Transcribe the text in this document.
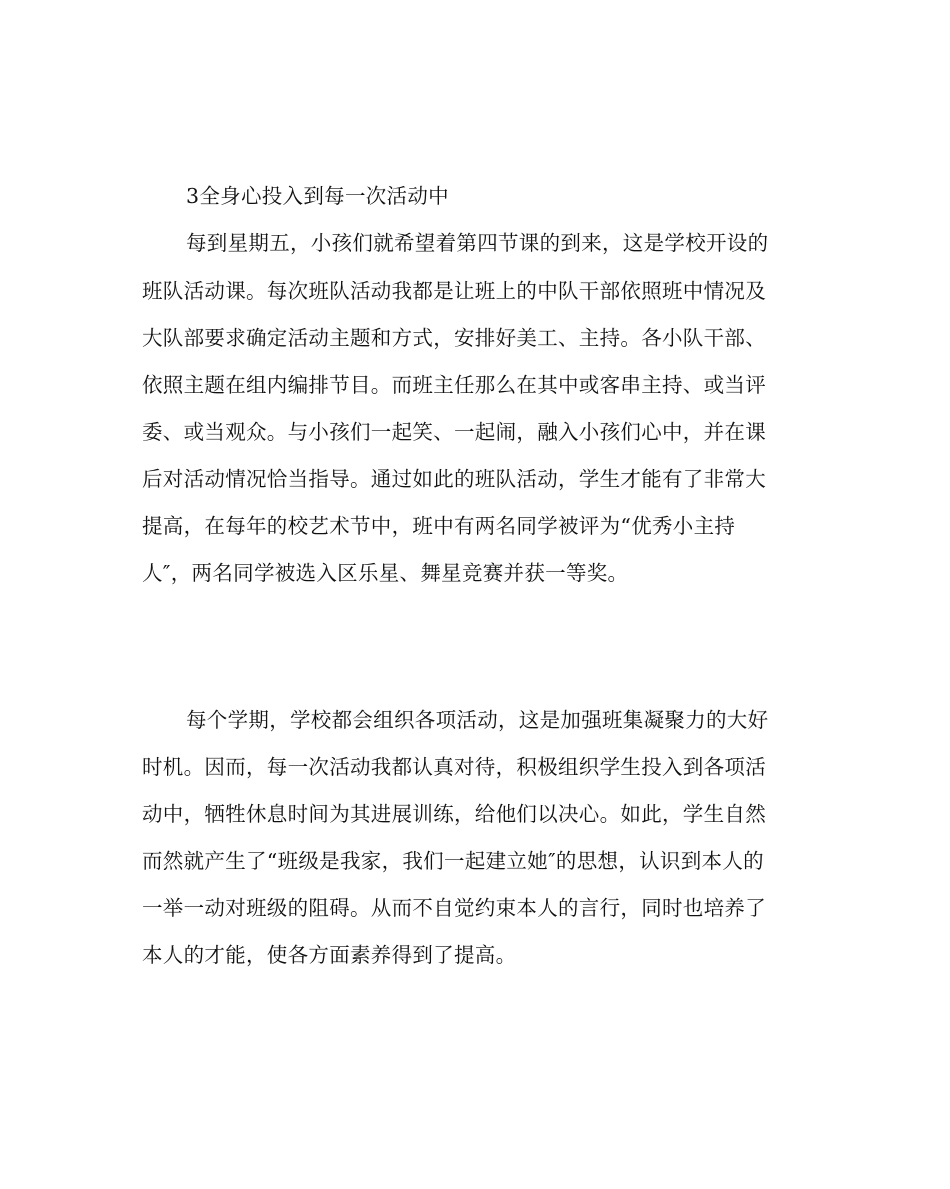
3全身心投入到每一次活动中
每到星期五，小孩们就希望着第四节课的到来，这是学校开设的
班队活动课。每次班队活动我都是让班上的中队干部依照班中情况及
大队部要求确定活动主题和方式，安排好美工、主持。各小队干部、
依照主题在组内编排节目。而班主任那么在其中或客串主持、或当评
委、或当观众。与小孩们一起笑、一起闹，融入小孩们心中，并在课
后对活动情况恰当指导。通过如此的班队活动，学生才能有了非常大
提高，在每年的校艺术节中，班中有两名同学被评为“优秀小主持
人″，两名同学被选入区乐星、舞星竞赛并获一等奖。
每个学期，学校都会组织各项活动，这是加强班集凝聚力的大好
时机。因而，每一次活动我都认真对待，积极组织学生投入到各项活
动中，牺牲休息时间为其进展训练，给他们以决心。如此，学生自然
而然就产生了“班级是我家，我们一起建立她″的思想，认识到本人的
一举一动对班级的阻碍。从而不自觉约束本人的言行，同时也培养了
本人的才能，使各方面素养得到了提高。
